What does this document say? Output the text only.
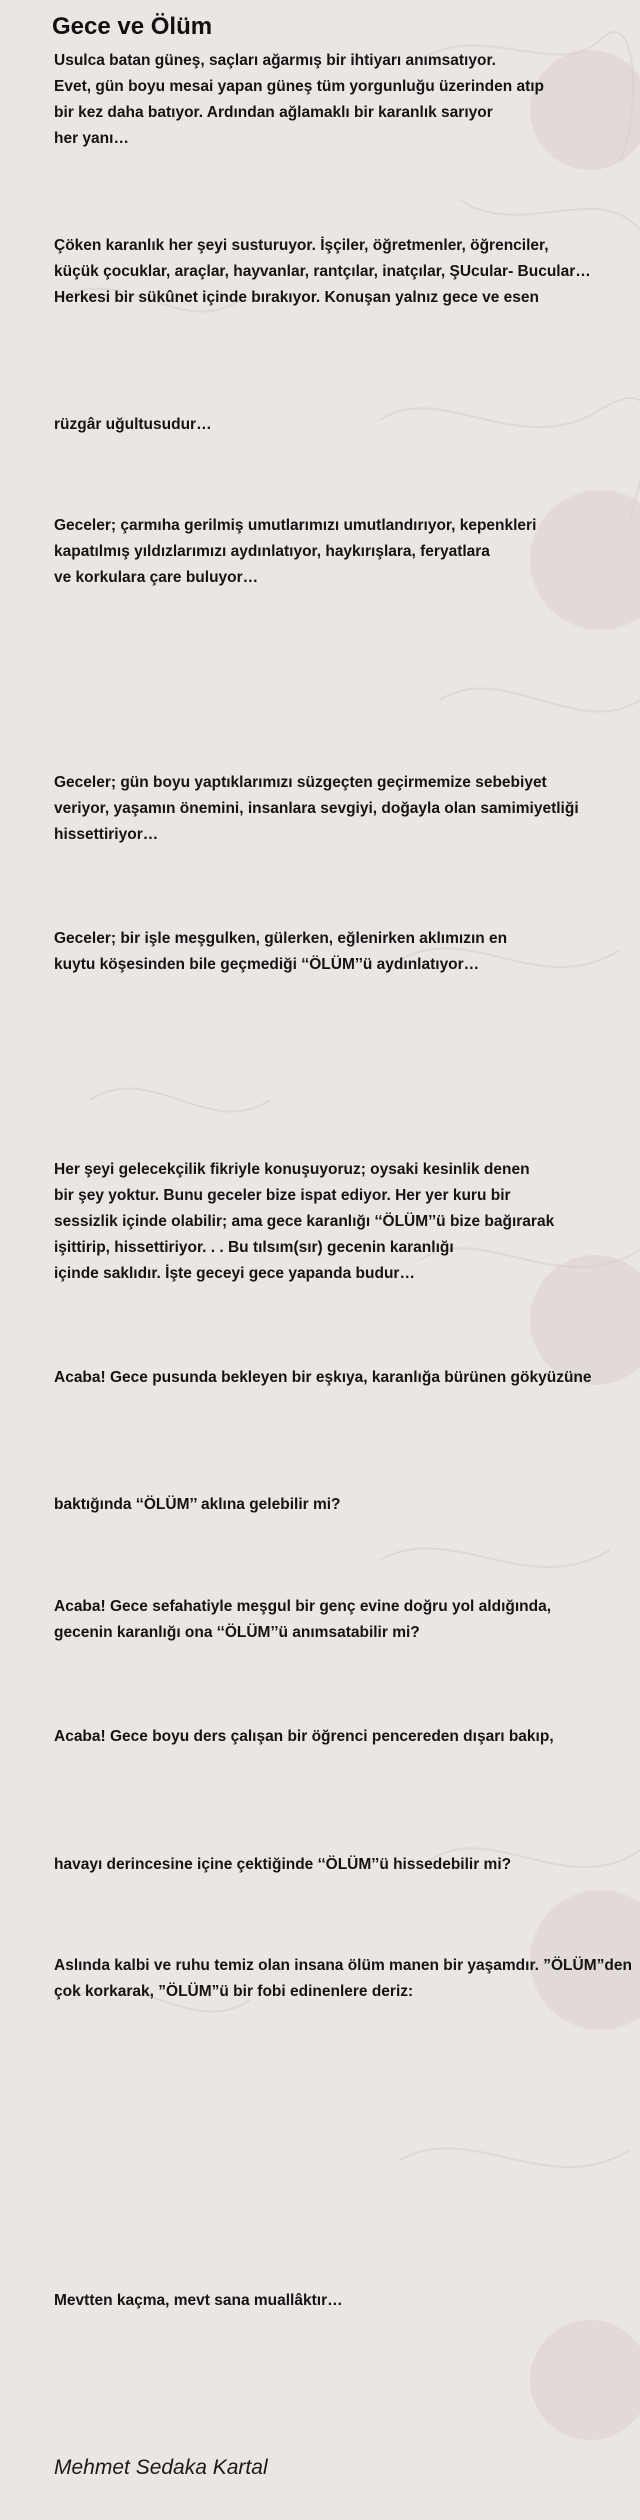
Gece ve Ölüm
Usulca batan güneş, saçları ağarmış bir ihtiyarı anımsatıyor.
Evet, gün boyu mesai yapan güneş tüm yorgunluğu üzerinden atıp
bir kez daha batıyor. Ardından ağlamaklı bir karanlık sarıyor
her yanı…
Çöken karanlık her şeyi susturuyor. İşçiler, öğretmenler, öğrenciler,
küçük çocuklar, araçlar, hayvanlar, rantçılar, inatçılar, ŞUcular- Bucular…
Herkesi bir sükûnet içinde bırakıyor. Konuşan yalnız gece ve esen
rüzgâr uğultusudur…
Geceler; çarmıha gerilmiş umutlarımızı umutlandırıyor, kepenkleri
kapatılmış yıldızlarımızı aydınlatıyor, haykırışlara, feryatlara
ve korkulara çare buluyor…
Geceler; gün boyu yaptıklarımızı süzgeçten geçirmemize sebebiyet
veriyor, yaşamın önemini, insanlara sevgiyi, doğayla olan samimiyetliği
hissettiriyor…
Geceler; bir işle meşgulken, gülerken, eğlenirken aklımızın en
kuytu köşesinden bile geçmediği ‘‘ÖLÜM’’ü aydınlatıyor…
Her şeyi gelecekçilik fikriyle konuşuyoruz; oysaki kesinlik denen
bir şey yoktur. Bunu geceler bize ispat ediyor. Her yer kuru bir
sessizlik içinde olabilir; ama gece karanlığı ‘‘ÖLÜM’’ü bize bağırarak
işittirip, hissettiriyor. . . Bu tılsım(sır) gecenin karanlığı
içinde saklıdır. İşte geceyi gece yapanda budur…
Acaba! Gece pusunda bekleyen bir eşkıya, karanlığa bürünen gökyüzüne
baktığında ‘‘ÖLÜM’’ aklına gelebilir mi?
Acaba! Gece sefahatiyle meşgul bir genç evine doğru yol aldığında,
gecenin karanlığı ona ‘‘ÖLÜM’’ü anımsatabilir mi?
Acaba! Gece boyu ders çalışan bir öğrenci pencereden dışarı bakıp,
havayı derincesine içine çektiğinde ‘‘ÖLÜM’’ü hissedebilir mi?
Aslında kalbi ve ruhu temiz olan insana ölüm manen bir yaşamdır. ”ÖLÜM”den
çok korkarak, ”ÖLÜM”ü bir fobi edinenlere deriz:
Mevtten kaçma, mevt sana muallâktır…
Mehmet Sedaka Kartal
